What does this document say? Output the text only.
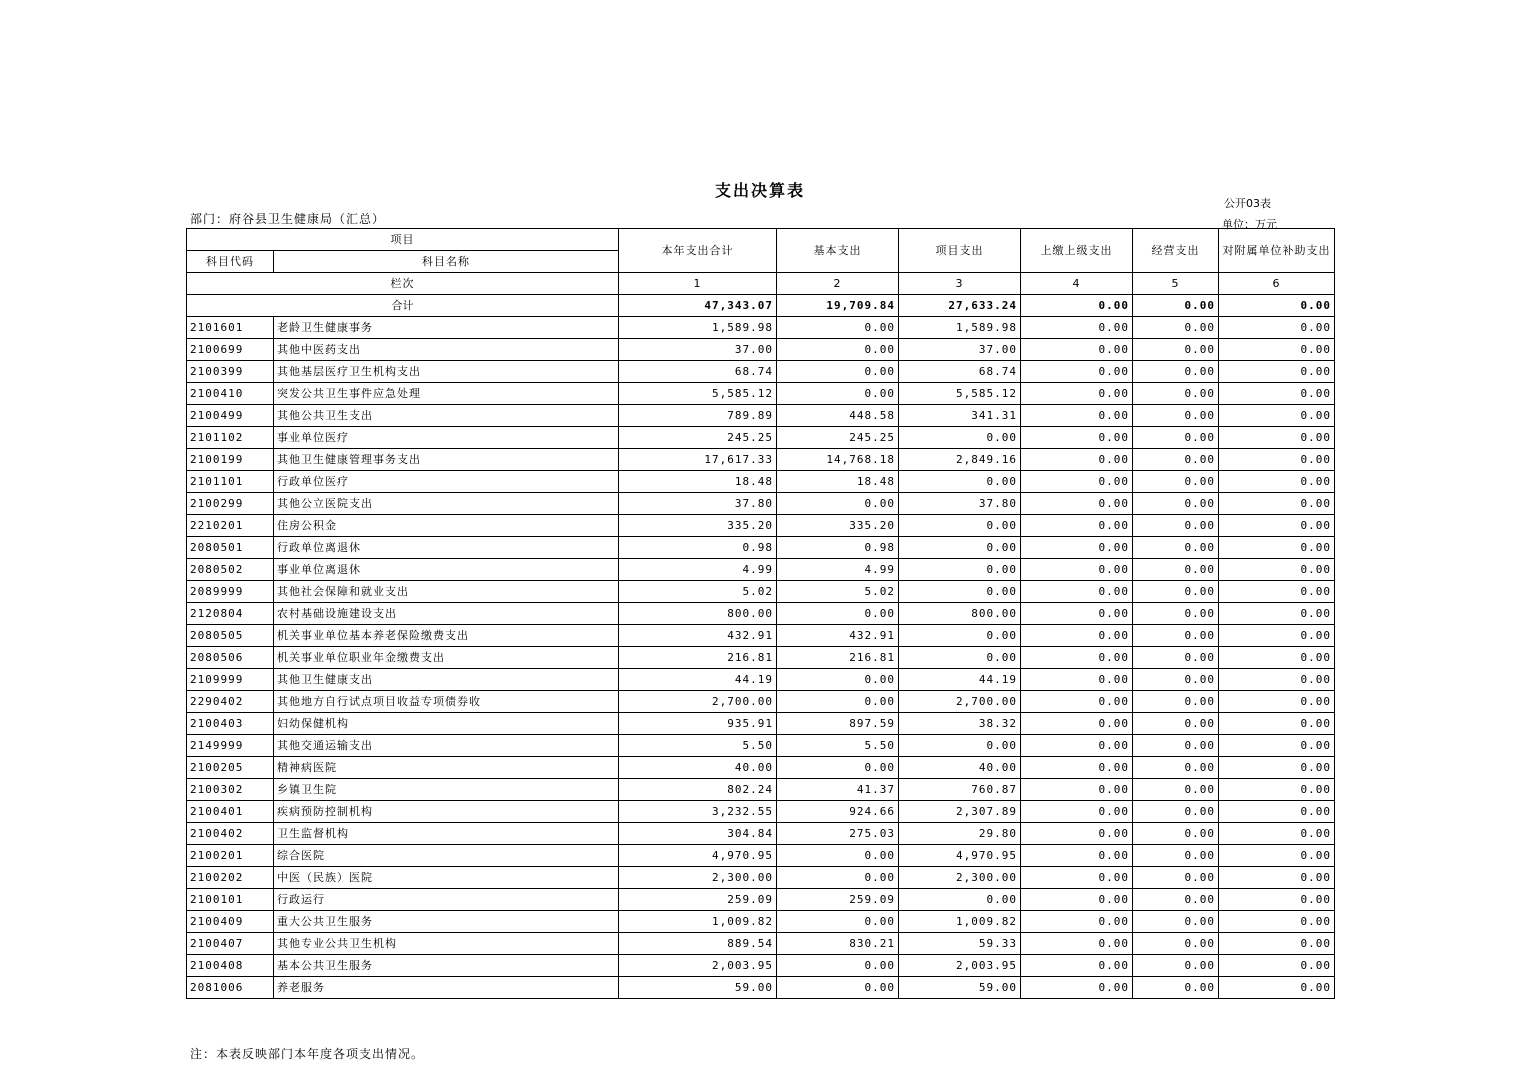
支出决算表
公开03表
部门：府谷县卫生健康局（汇总）	单位：万元
项目		本年支出合计	基本支出	项目支出	上缴上级支出	经营支出	对附属单位补助支出
科目代码	科目名称						
栏次		1	2	3	4	5	6
合计		47,343.07	19,709.84	27,633.24	0.00	0.00	0.00
2101601	老龄卫生健康事务	1,589.98	0.00	1,589.98	0.00	0.00	0.00
2100699	其他中医药支出	37.00	0.00	37.00	0.00	0.00	0.00
2100399	其他基层医疗卫生机构支出	68.74	0.00	68.74	0.00	0.00	0.00
2100410	突发公共卫生事件应急处理	5,585.12	0.00	5,585.12	0.00	0.00	0.00
2100499	其他公共卫生支出	789.89	448.58	341.31	0.00	0.00	0.00
2101102	事业单位医疗	245.25	245.25	0.00	0.00	0.00	0.00
2100199	其他卫生健康管理事务支出	17,617.33	14,768.18	2,849.16	0.00	0.00	0.00
2101101	行政单位医疗	18.48	18.48	0.00	0.00	0.00	0.00
2100299	其他公立医院支出	37.80	0.00	37.80	0.00	0.00	0.00
2210201	住房公积金	335.20	335.20	0.00	0.00	0.00	0.00
2080501	行政单位离退休	0.98	0.98	0.00	0.00	0.00	0.00
2080502	事业单位离退休	4.99	4.99	0.00	0.00	0.00	0.00
2089999	其他社会保障和就业支出	5.02	5.02	0.00	0.00	0.00	0.00
2120804	农村基础设施建设支出	800.00	0.00	800.00	0.00	0.00	0.00
2080505	机关事业单位基本养老保险缴费支出	432.91	432.91	0.00	0.00	0.00	0.00
2080506	机关事业单位职业年金缴费支出	216.81	216.81	0.00	0.00	0.00	0.00
2109999	其他卫生健康支出	44.19	0.00	44.19	0.00	0.00	0.00
2290402	其他地方自行试点项目收益专项债券收	2,700.00	0.00	2,700.00	0.00	0.00	0.00
2100403	妇幼保健机构	935.91	897.59	38.32	0.00	0.00	0.00
2149999	其他交通运输支出	5.50	5.50	0.00	0.00	0.00	0.00
2100205	精神病医院	40.00	0.00	40.00	0.00	0.00	0.00
2100302	乡镇卫生院	802.24	41.37	760.87	0.00	0.00	0.00
2100401	疾病预防控制机构	3,232.55	924.66	2,307.89	0.00	0.00	0.00
2100402	卫生监督机构	304.84	275.03	29.80	0.00	0.00	0.00
2100201	综合医院	4,970.95	0.00	4,970.95	0.00	0.00	0.00
2100202	中医（民族）医院	2,300.00	0.00	2,300.00	0.00	0.00	0.00
2100101	行政运行	259.09	259.09	0.00	0.00	0.00	0.00
2100409	重大公共卫生服务	1,009.82	0.00	1,009.82	0.00	0.00	0.00
2100407	其他专业公共卫生机构	889.54	830.21	59.33	0.00	0.00	0.00
2100408	基本公共卫生服务	2,003.95	0.00	2,003.95	0.00	0.00	0.00
2081006	养老服务	59.00	0.00	59.00	0.00	0.00	0.00
注：本表反映部门本年度各项支出情况。
